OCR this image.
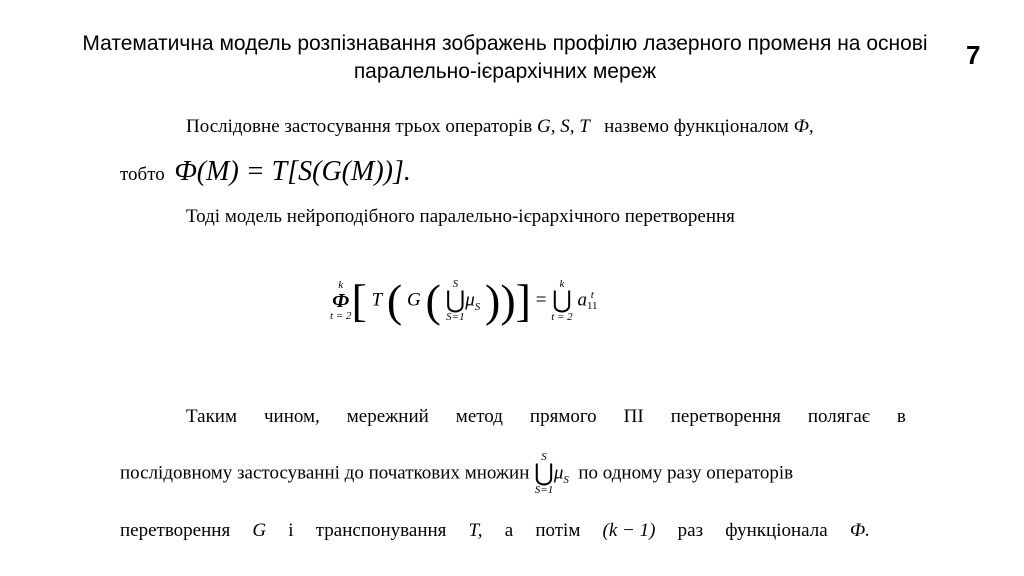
Математична модель розпізнавання зображень профілю лазерного променя на основі паралельно-ієрархічних мереж
7
Послідовне застосування трьох операторів G, S, T назвемо функціоналом Ф,
тобто Ф(M) = T[S(G(M))].
Тоді модель нейроподібного паралельно-ієрархічного перетворення
k
Ф
t = 2 [ T ( G (	S
⋃
S=1
$\mu_S$ ))] =
k
⋃
t = 2
a t
11
Таким чином, мережний метод прямого ПІ перетворення полягає в
послідовному застосуванні до початкових множин
S
⋃
S=1
$\mu_S$ по одному разу операторів
перетворення G і транспонування T, а потім (k − 1) раз функціонала Ф.
